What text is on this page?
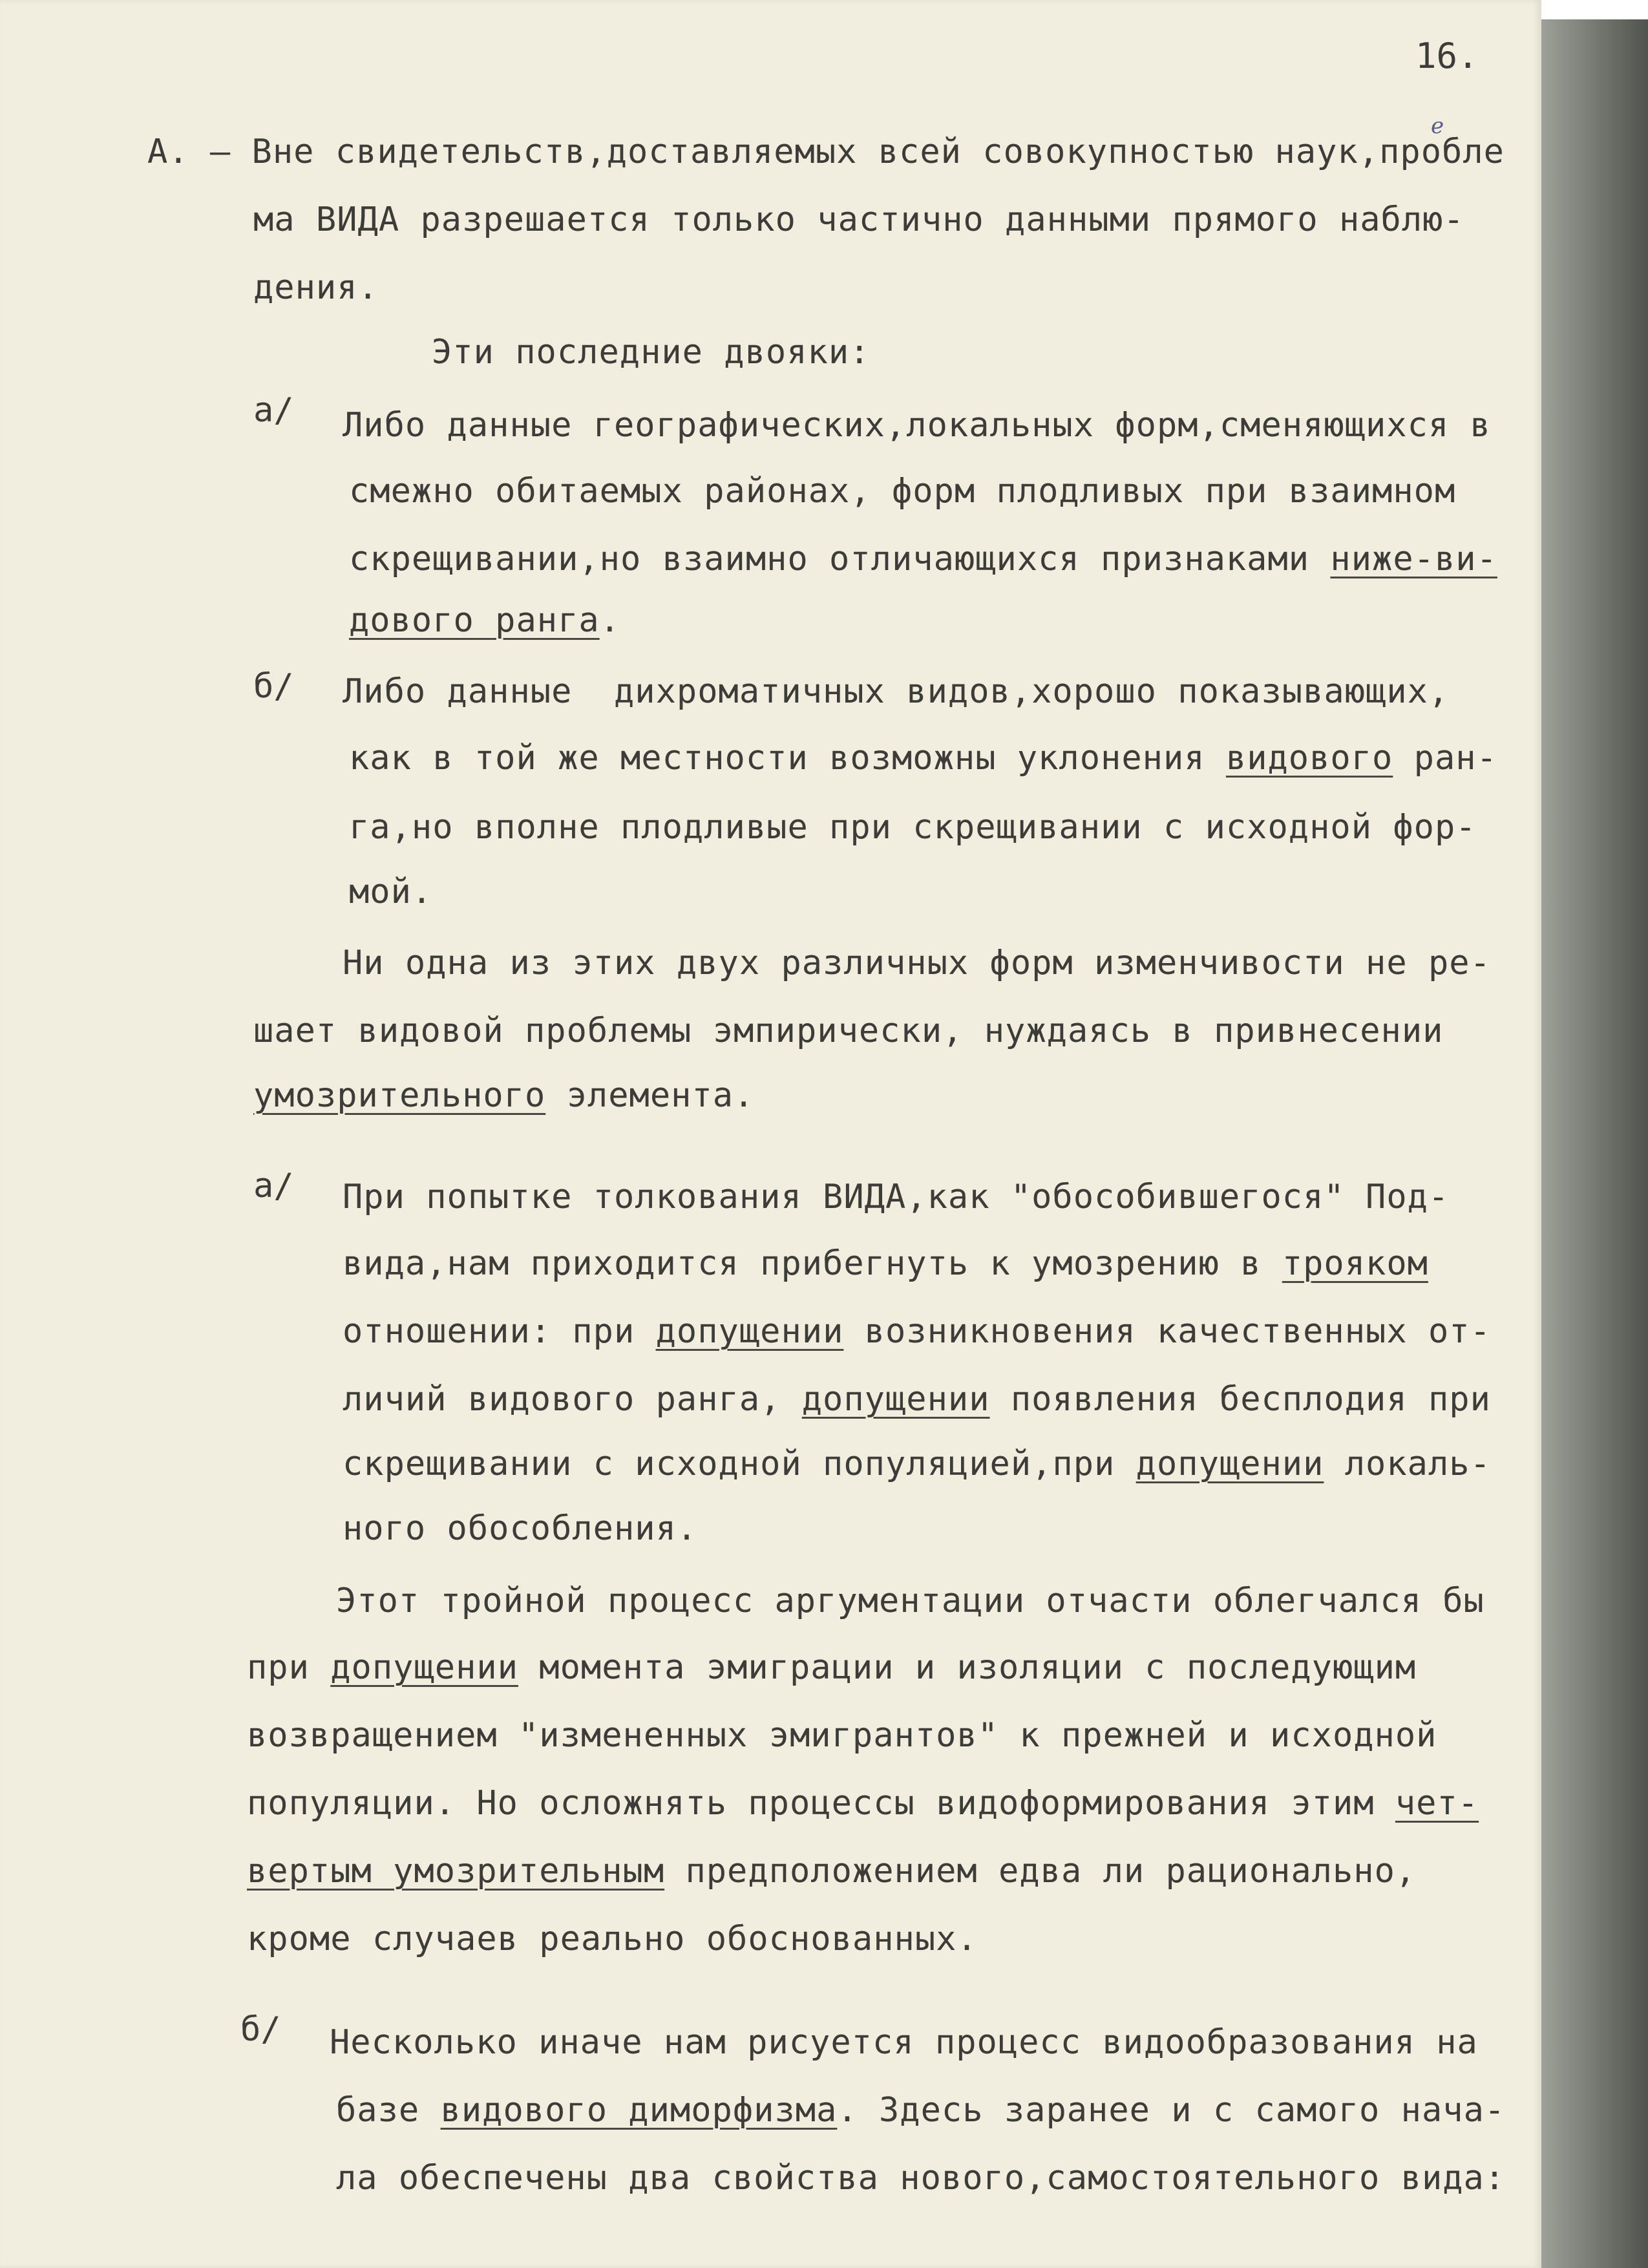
16.
е
а/
б/
а/
б/
А. – Вне свидетельств,доставляемых всей совокупностью наук,пробле
ма ВИДА разрешается только частично данными прямого наблю-
дения.
Эти последние двояки:
Либо данные географических,локальных форм,сменяющихся в
смежно обитаемых районах, форм плодливых при взаимном
скрещивании,но взаимно отличающихся признаками ниже-ви-
дового ранга.
Либо данные  дихроматичных видов,хорошо показывающих,
как в той же местности возможны уклонения видового ран-
га,но вполне плодливые при скрещивании с исходной фор-
мой.
Ни одна из этих двух различных форм изменчивости не ре-
шает видовой проблемы эмпирически, нуждаясь в привнесении
умозрительного элемента.
При попытке толкования ВИДА,как "обособившегося" Под-
вида,нам приходится прибегнуть к умозрению в трояком
отношении: при допущении возникновения качественных от-
личий видового ранга, допущении появления бесплодия при
скрещивании с исходной популяцией,при допущении локаль-
ного обособления.
Этот тройной процесс аргументации отчасти облегчался бы
при допущении момента эмиграции и изоляции с последующим
возвращением "измененных эмигрантов" к прежней и исходной
популяции. Но осложнять процессы видоформирования этим чет-
вертым умозрительным предположением едва ли рационально,
кроме случаев реально обоснованных.
Несколько иначе нам рисуется процесс видообразования на
базе видового диморфизма. Здесь заранее и с самого нача-
ла обеспечены два свойства нового,самостоятельного вида:
